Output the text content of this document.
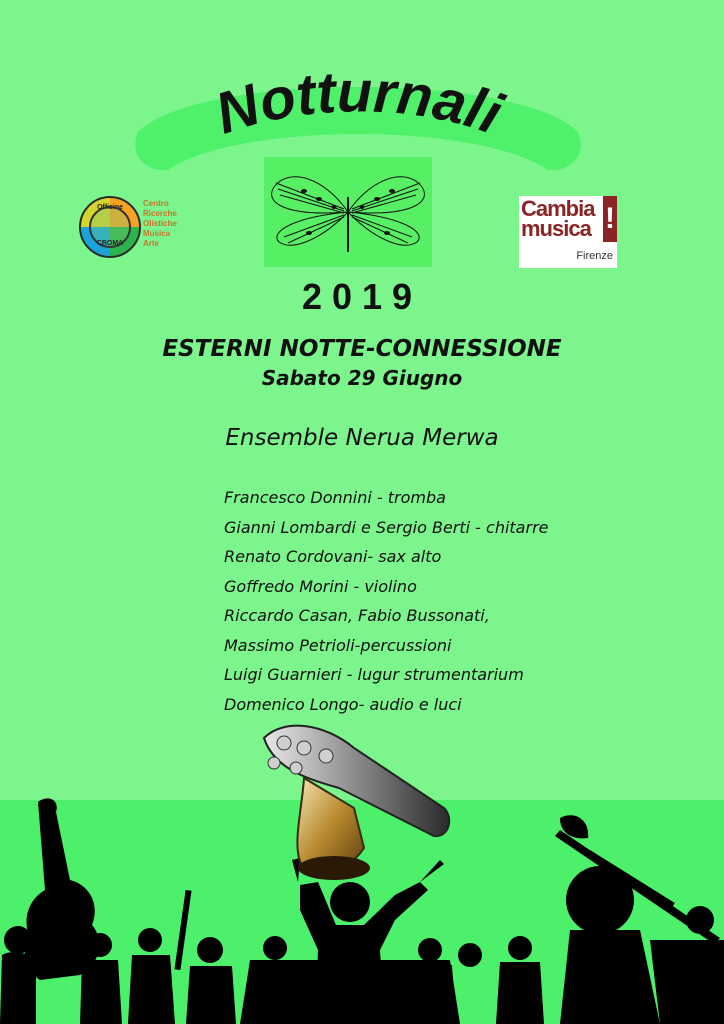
Notturnali
Officine
CROMA
Centro
Ricerche
Olistiche
Musica
Arte
Cambia
musica !
Firenze
2019
ESTERNI NOTTE-CONNESSIONE
Sabato 29 Giugno
Ensemble Nerua Merwa
Francesco Donnini - tromba
Gianni Lombardi e Sergio Berti - chitarre
Renato Cordovani- sax alto
Goffredo Morini - violino
Riccardo Casan, Fabio Bussonati,
Massimo Petrioli-percussioni
Luigi Guarnieri - lugur strumentarium
Domenico Longo- audio e luci
